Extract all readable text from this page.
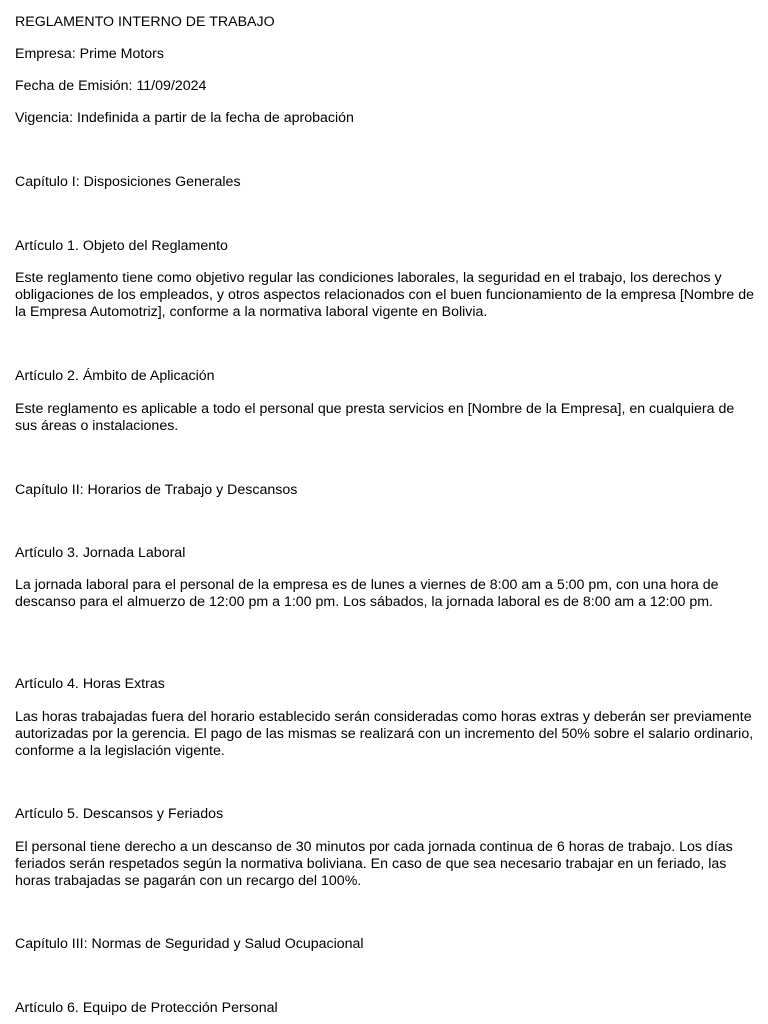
REGLAMENTO INTERNO DE TRABAJO

Empresa: Prime Motors

Fecha de Emisión: 11/09/2024

Vigencia: Indefinida a partir de la fecha de aprobación

Capítulo I: Disposiciones Generales

Artículo 1. Objeto del Reglamento

Este reglamento tiene como objetivo regular las condiciones laborales, la seguridad en el trabajo, los derechos y obligaciones de los empleados, y otros aspectos relacionados con el buen funcionamiento de la empresa [Nombre de la Empresa Automotriz], conforme a la normativa laboral vigente en Bolivia.

Artículo 2. Ámbito de Aplicación

Este reglamento es aplicable a todo el personal que presta servicios en [Nombre de la Empresa], en cualquiera de sus áreas o instalaciones.

Capítulo II: Horarios de Trabajo y Descansos

Artículo 3. Jornada Laboral

La jornada laboral para el personal de la empresa es de lunes a viernes de 8:00 am a 5:00 pm, con una hora de descanso para el almuerzo de 12:00 pm a 1:00 pm. Los sábados, la jornada laboral es de 8:00 am a 12:00 pm.

Artículo 4. Horas Extras

Las horas trabajadas fuera del horario establecido serán consideradas como horas extras y deberán ser previamente autorizadas por la gerencia. El pago de las mismas se realizará con un incremento del 50% sobre el salario ordinario, conforme a la legislación vigente.

Artículo 5. Descansos y Feriados

El personal tiene derecho a un descanso de 30 minutos por cada jornada continua de 6 horas de trabajo. Los días feriados serán respetados según la normativa boliviana. En caso de que sea necesario trabajar en un feriado, las horas trabajadas se pagarán con un recargo del 100%.

Capítulo III: Normas de Seguridad y Salud Ocupacional

Artículo 6. Equipo de Protección Personal
